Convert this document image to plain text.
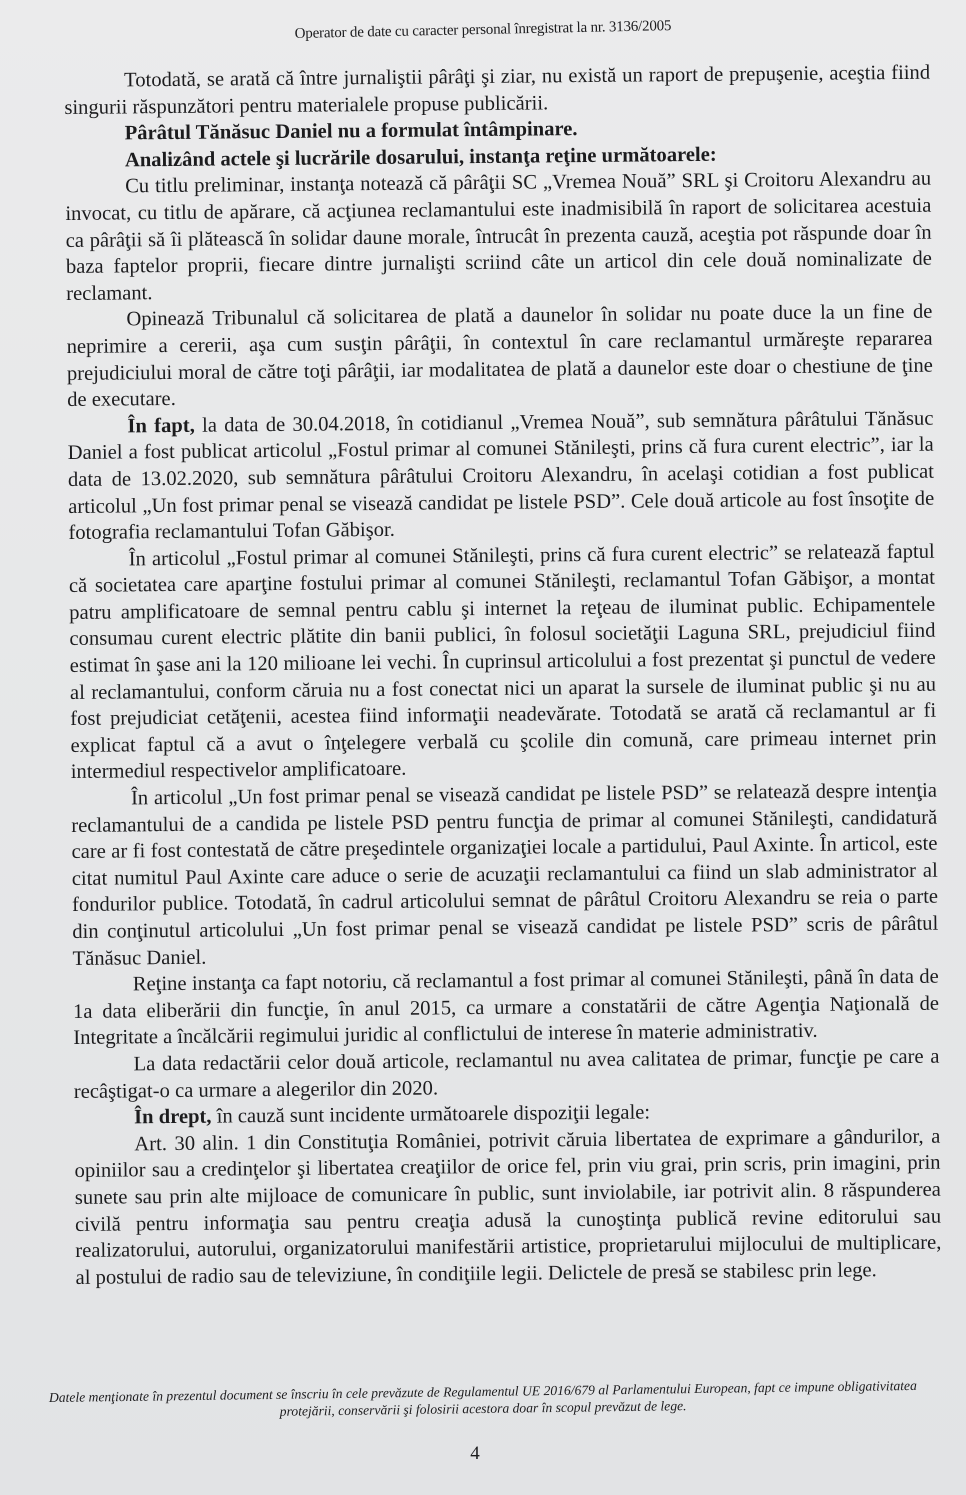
Operator de date cu caracter personal înregistrat la nr. 3136/2005

Totodată, se arată că între jurnaliştii pârâţi şi ziar, nu există un raport de prepuşenie, aceştia fiind singurii răspunzători pentru materialele propuse publicării.

Pârâtul Tănăsuc Daniel nu a formulat întâmpinare.

Analizând actele şi lucrările dosarului, instanţa reţine următoarele:

Cu titlu preliminar, instanţa notează că pârâţii SC „Vremea Nouă” SRL şi Croitoru Alexandru au invocat, cu titlu de apărare, că acţiunea reclamantului este inadmisibilă în raport de solicitarea acestuia ca pârâţii să îi plătească în solidar daune morale, întrucât în prezenta cauză, aceştia pot răspunde doar în baza faptelor proprii, fiecare dintre jurnalişti scriind câte un articol din cele două nominalizate de reclamant.

Opinează Tribunalul că solicitarea de plată a daunelor în solidar nu poate duce la un fine de neprimire a cererii, aşa cum susţin pârâţii, în contextul în care reclamantul urmăreşte repararea prejudiciului moral de către toţi pârâţii, iar modalitatea de plată a daunelor este doar o chestiune de ţine de executare.

În fapt, la data de 30.04.2018, în cotidianul „Vremea Nouă”, sub semnătura pârâtului Tănăsuc Daniel a fost publicat articolul „Fostul primar al comunei Stănileşti, prins că fura curent electric”, iar la data de 13.02.2020, sub semnătura pârâtului Croitoru Alexandru, în acelaşi cotidian a fost publicat articolul „Un fost primar penal se visează candidat pe listele PSD”. Cele două articole au fost însoţite de fotografia reclamantului Tofan Găbişor.

În articolul „Fostul primar al comunei Stănileşti, prins că fura curent electric” se relatează faptul că societatea care aparţine fostului primar al comunei Stănileşti, reclamantul Tofan Găbişor, a montat patru amplificatoare de semnal pentru cablu şi internet la reţeau de iluminat public. Echipamentele consumau curent electric plătite din banii publici, în folosul societăţii Laguna SRL, prejudiciul fiind estimat în şase ani la 120 milioane lei vechi. În cuprinsul articolului a fost prezentat şi punctul de vedere al reclamantului, conform căruia nu a fost conectat nici un aparat la sursele de iluminat public şi nu au fost prejudiciat cetăţenii, acestea fiind informaţii neadevărate. Totodată se arată că reclamantul ar fi explicat faptul că a avut o înţelegere verbală cu şcolile din comună, care primeau internet prin intermediul respectivelor amplificatoare.

În articolul „Un fost primar penal se visează candidat pe listele PSD” se relatează despre intenţia reclamantului de a candida pe listele PSD pentru funcţia de primar al comunei Stănileşti, candidatură care ar fi fost contestată de către preşedintele organizaţiei locale a partidului, Paul Axinte. În articol, este citat numitul Paul Axinte care aduce o serie de acuzaţii reclamantului ca fiind un slab administrator al fondurilor publice. Totodată, în cadrul articolului semnat de pârâtul Croitoru Alexandru se reia o parte din conţinutul articolului „Un fost primar penal se visează candidat pe listele PSD” scris de pârâtul Tănăsuc Daniel.

Reţine instanţa ca fapt notoriu, că reclamantul a fost primar al comunei Stănileşti, până în data de 1a data eliberării din funcţie, în anul 2015, ca urmare a constatării de către Agenţia Naţională de Integritate a încălcării regimului juridic al conflictului de interese în materie administrativ.

La data redactării celor două articole, reclamantul nu avea calitatea de primar, funcţie pe care a recâştigat-o ca urmare a alegerilor din 2020.

În drept, în cauză sunt incidente următoarele dispoziţii legale:

Art. 30 alin. 1 din Constituţia României, potrivit căruia libertatea de exprimare a gândurilor, a opiniilor sau a credinţelor şi libertatea creaţiilor de orice fel, prin viu grai, prin scris, prin imagini, prin sunete sau prin alte mijloace de comunicare în public, sunt inviolabile, iar potrivit alin. 8 răspunderea civilă pentru informaţia sau pentru creaţia adusă la cunoştinţa publică revine editorului sau realizatorului, autorului, organizatorului manifestării artistice, proprietarului mijlocului de multiplicare, al postului de radio sau de televiziune, în condiţiile legii. Delictele de presă se stabilesc prin lege.

Datele menţionate în prezentul document se înscriu în cele prevăzute de Regulamentul UE 2016/679 al Parlamentului European, fapt ce impune obligativitatea protejării, conservării şi folosirii acestora doar în scopul prevăzut de lege.
4
